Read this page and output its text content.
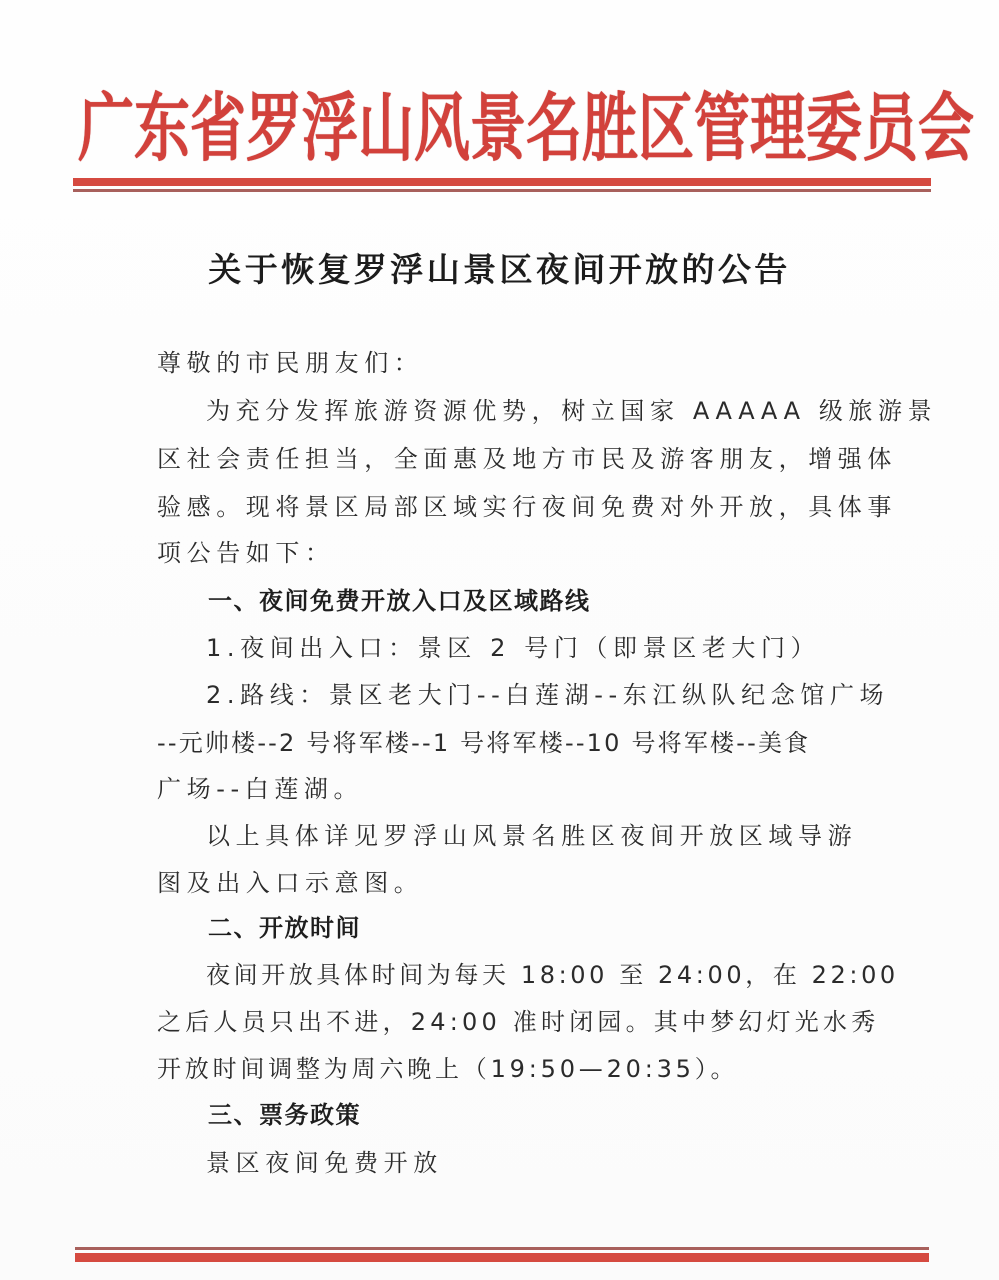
广 东 省 罗 浮 山 风 景 名 胜 区 管 理 委 员 会
关于恢复罗浮山景区夜间开放的公告
尊敬的市民朋友们：
为充分发挥旅游资源优势，树立国家 AAAAA 级旅游景
区社会责任担当，全面惠及地方市民及游客朋友，增强体
验感。现将景区局部区域实行夜间免费对外开放，具体事
项公告如下：
一、夜间免费开放入口及区域路线
1.夜间出入口：景区 2 号门（即景区老大门）
2.路线：景区老大门--白莲湖--东江纵队纪念馆广场
--元帅楼--2 号将军楼--1 号将军楼--10 号将军楼--美食
广场--白莲湖。
以上具体详见罗浮山风景名胜区夜间开放区域导游
图及出入口示意图。
二、开放时间
夜间开放具体时间为每天 18:00 至 24:00，在 22:00
之后人员只出不进，24:00 准时闭园。其中梦幻灯光水秀
开放时间调整为周六晚上（19:50—20:35）。
三、票务政策
景区夜间免费开放
